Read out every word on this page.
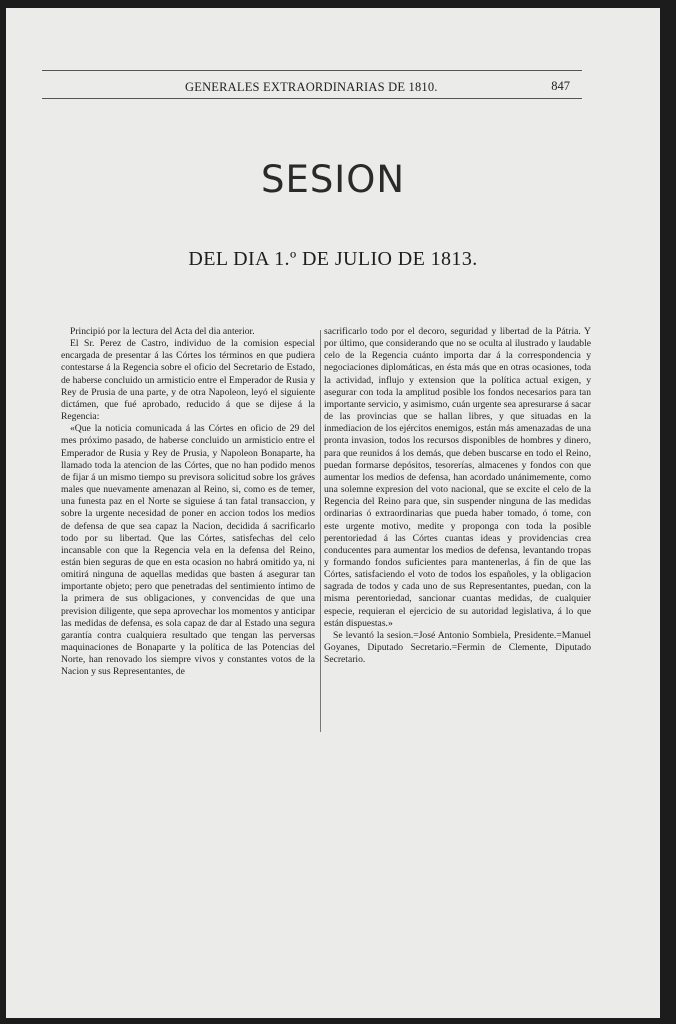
GENERALES EXTRAORDINARIAS DE 1810.	847
SESION
DEL DIA 1.º DE JULIO DE 1813.

Principió por la lectura del Acta del dia anterior.

El Sr. Perez de Castro, individuo de la comision especial encargada de presentar á las Córtes los términos en que pudiera contestarse á la Regencia sobre el oficio del Secretario de Estado, de haberse concluido un armisticio entre el Emperador de Rusia y Rey de Prusia de una parte, y de otra Napoleon, leyó el siguiente dictámen, que fué aprobado, reducido á que se dijese á la Regencia:

«Que la noticia comunicada á las Córtes en oficio de 29 del mes próximo pasado, de haberse concluido un armisticio entre el Emperador de Rusia y Rey de Prusia, y Napoleon Bonaparte, ha llamado toda la atencion de las Córtes, que no han podido menos de fijar á un mismo tiempo su previsora solicitud sobre los gráves males que nuevamente amenazan al Reino, si, como es de temer, una funesta paz en el Norte se siguiese á tan fatal transaccion, y sobre la urgente necesidad de poner en accion todos los medios de defensa de que sea capaz la Nacion, decidida á sacrificarlo todo por su libertad. Que las Córtes, satisfechas del celo incansable con que la Regencia vela en la defensa del Reino, están bien seguras de que en esta ocasion no habrá omitido ya, ni omitirá ninguna de aquellas medidas que basten á asegurar tan importante objeto; pero que penetradas del sentimiento íntimo de la primera de sus obligaciones, y convencidas de que una prevision diligente, que sepa aprovechar los momentos y anticipar las medidas de defensa, es sola capaz de dar al Estado una segura garantía contra cualquiera resultado que tengan las perversas maquinaciones de Bonaparte y la política de las Potencias del Norte, han renovado los siempre vivos y constantes votos de la Nacion y sus Representantes, de

sacrificarlo todo por el decoro, seguridad y libertad de la Pátria. Y por último, que considerando que no se oculta al ilustrado y laudable celo de la Regencia cuánto importa dar á la correspondencia y negociaciones diplomáticas, en ésta más que en otras ocasiones, toda la actividad, influjo y extension que la política actual exigen, y asegurar con toda la amplitud posible los fondos necesarios para tan importante servicio, y asimismo, cuán urgente sea apresurarse á sacar de las provincias que se hallan libres, y que situadas en la inmediacion de los ejércitos enemigos, están más amenazadas de una pronta invasion, todos los recursos disponibles de hombres y dinero, para que reunidos á los demás, que deben buscarse en todo el Reino, puedan formarse depósitos, tesorerías, almacenes y fondos con que aumentar los medios de defensa, han acordado unánimemente, como una solemne expresion del voto nacional, que se excite el celo de la Regencia del Reino para que, sin suspender ninguna de las medidas ordinarias ó extraordinarias que pueda haber tomado, ó tome, con este urgente motivo, medite y proponga con toda la posible perentoriedad á las Córtes cuantas ideas y providencias crea conducentes para aumentar los medios de defensa, levantando tropas y formando fondos suficientes para mantenerlas, á fin de que las Córtes, satisfaciendo el voto de todos los españoles, y la obligacion sagrada de todos y cada uno de sus Representantes, puedan, con la misma perentoriedad, sancionar cuantas medidas, de cualquier especie, requieran el ejercicio de su autoridad legislativa, á lo que están dispuestas.»

Se levantó la sesion.=José Antonio Sombiela, Presidente.=Manuel Goyanes, Diputado Secretario.=Fermin de Clemente, Diputado Secretario.
